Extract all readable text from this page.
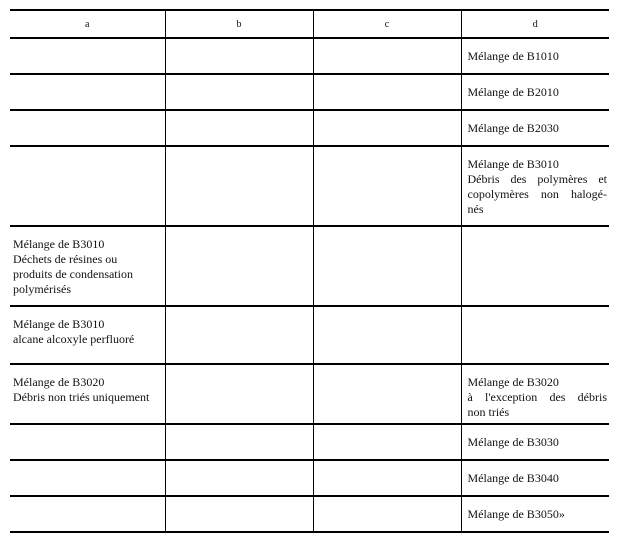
a	b	c	d

			Mélange de B1010

			Mélange de B2010

			Mélange de B2030

			Mélange de B3010
Débris des polymères et
copolymères non halogé-
nés

Mélange de B3010
Déchets de résines ou
produits de condensation
polymérisés			

Mélange de B3010
alcane alcoxyle perfluoré			

Mélange de B3020
Débris non triés uniquement			Mélange de B3020
à l'exception des débris
non triés

			Mélange de B3030

			Mélange de B3040

			Mélange de B3050»
